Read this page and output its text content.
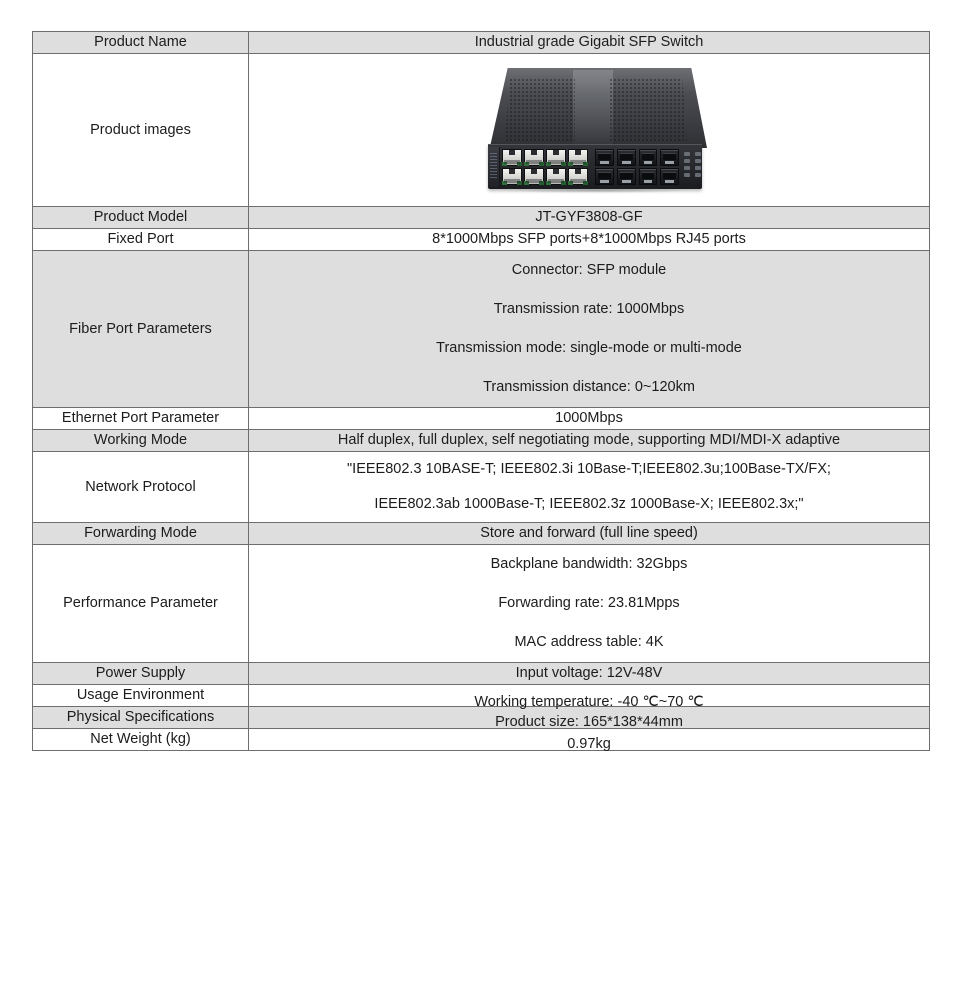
Product Name	Industrial grade Gigabit SFP Switch
Product images	

Product Model	JT-GYF3808-GF
Fixed Port	8*1000Mbps SFP ports+8*1000Mbps RJ45 ports
Fiber Port Parameters	Connector: SFP module
Transmission rate: 1000Mbps
Transmission mode: single-mode or multi-mode
Transmission distance: 0~120km

Ethernet Port Parameter	1000Mbps
Working Mode	Half duplex, full duplex, self negotiating mode, supporting MDI/MDI-X adaptive
Network Protocol	"IEEE802.3 10BASE-T; IEEE802.3i 10Base-T;IEEE802.3u;100Base-TX/FX;
IEEE802.3ab 1000Base-T; IEEE802.3z 1000Base-X; IEEE802.3x;"

Forwarding Mode	Store and forward (full line speed)
Performance Parameter	Backplane bandwidth: 32Gbps
Forwarding rate: 23.81Mpps
MAC address table: 4K

Power Supply	Input voltage: 12V-48V
Usage Environment	Working temperature: -40 ℃~70 ℃
Physical Specifications	Product size: 165*138*44mm
Net Weight (kg)	0.97kg
